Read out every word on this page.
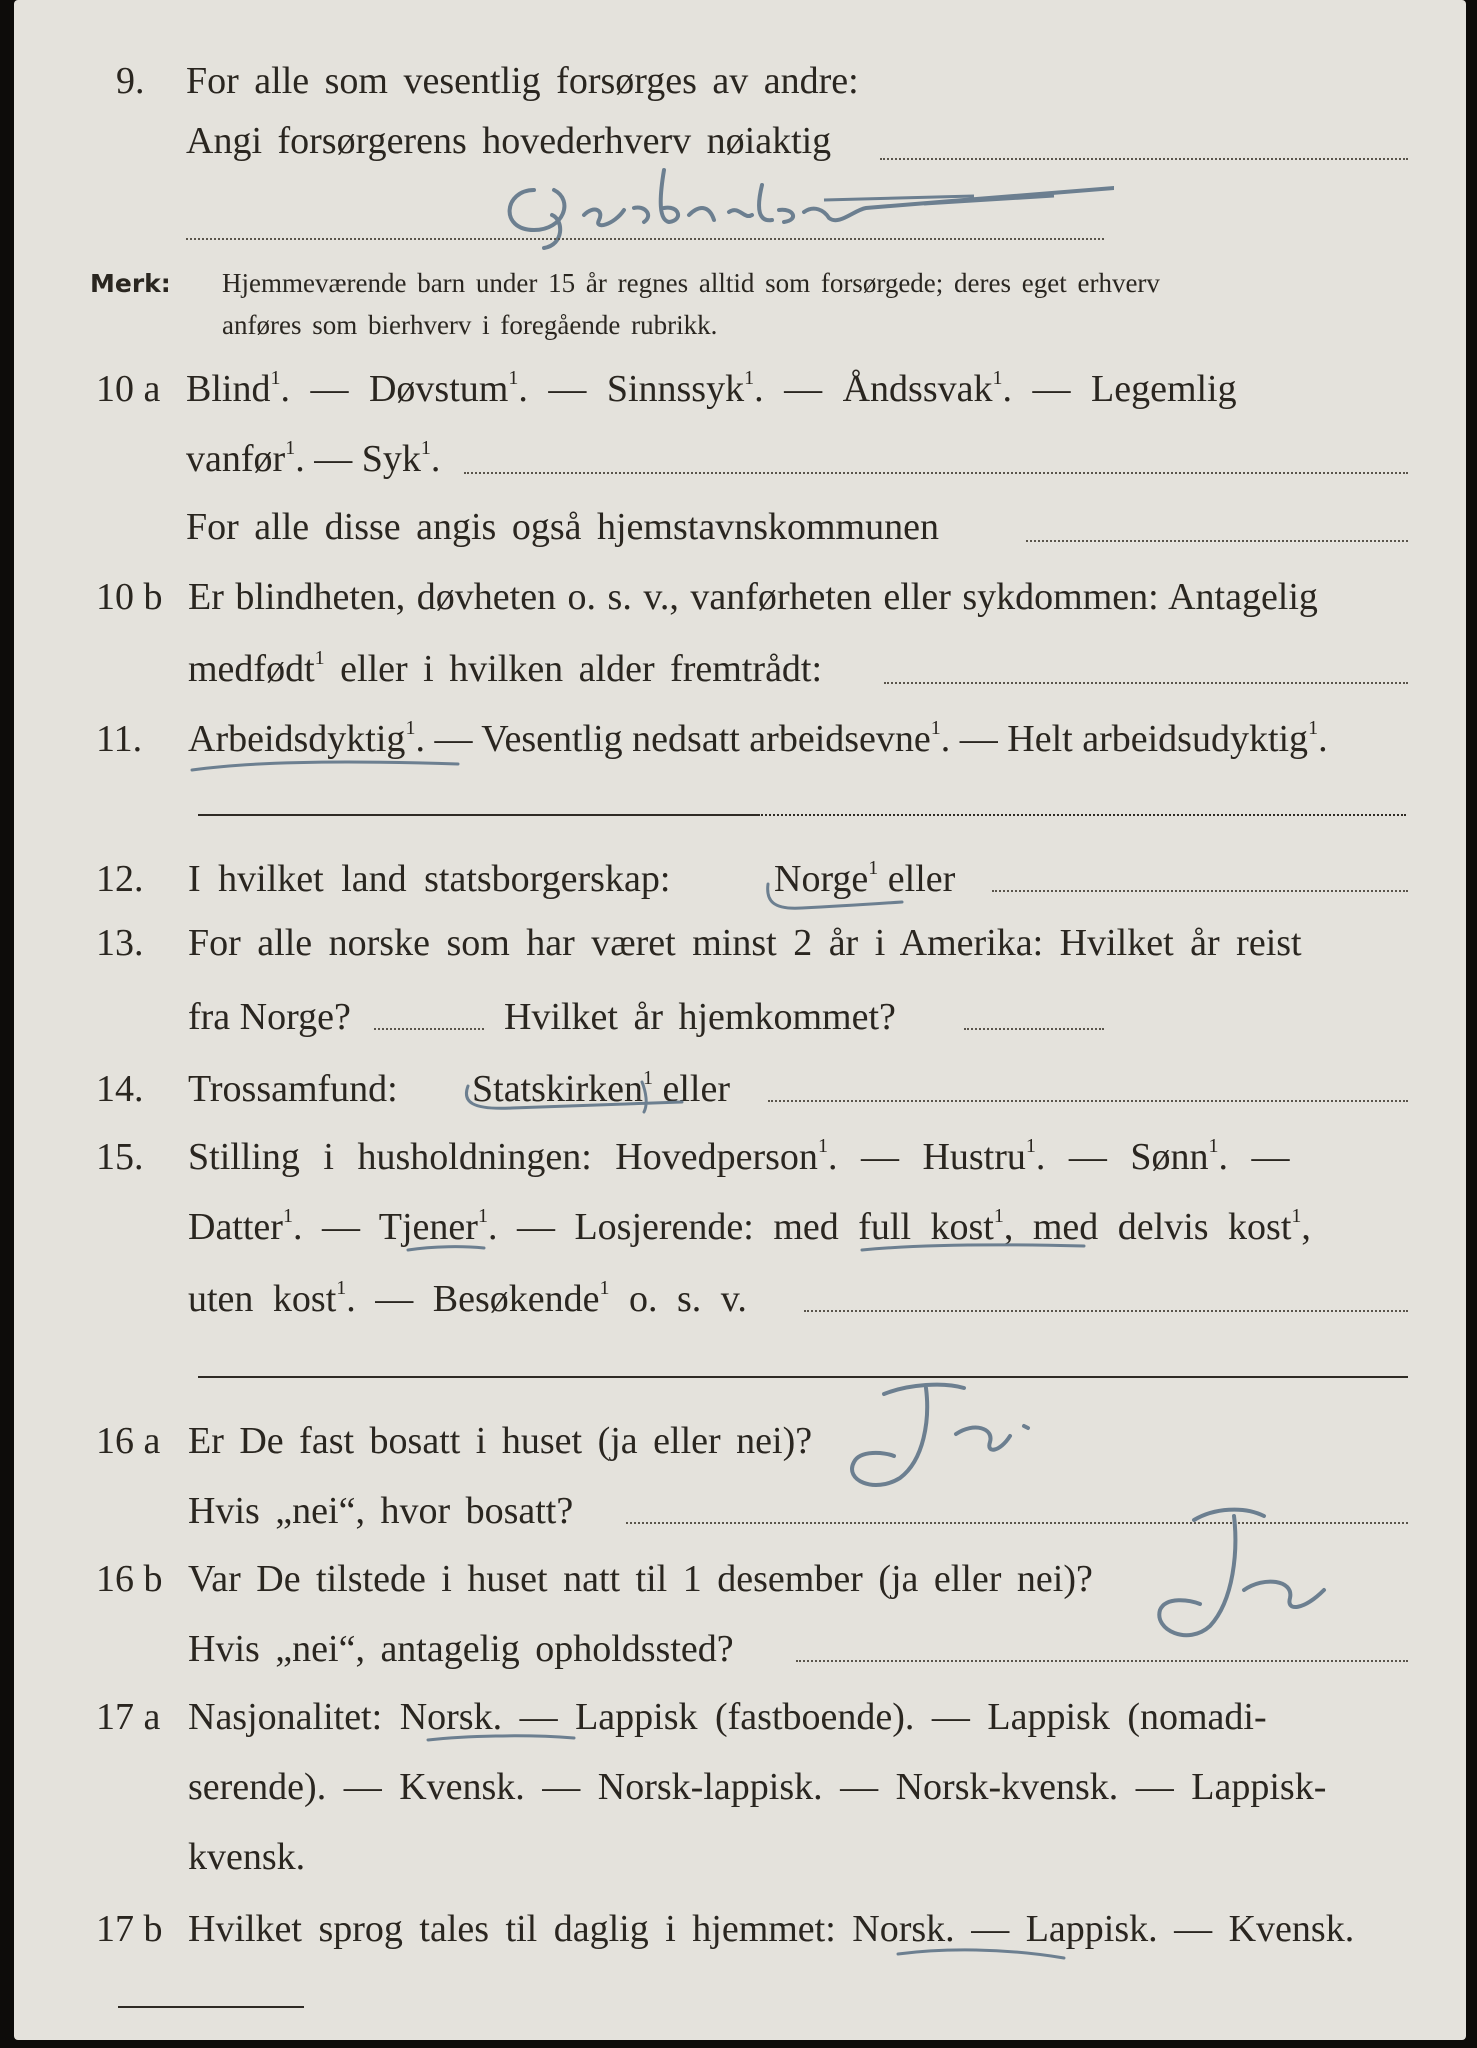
9. For alle som vesentlig forsørges av andre:
Angi forsørgerens hovederhverv nøiaktig
Merk: Hjemmeværende barn under 15 år regnes alltid som forsørgede; deres eget erhverv
anføres som bierhverv i foregående rubrikk.
10 a Blind$^1$. — Døvstum$^1$. — Sinnssyk$^1$. — Åndssvak$^1$. — Legemlig
vanfør$^1$. — Syk$^1$.
For alle disse angis også hjemstavnskommunen
10 b Er blindheten, døvheten o. s. v., vanførheten eller sykdommen: Antagelig
medfødt$^1$ eller i hvilken alder fremtrådt:
11. Arbeidsdyktig$^1$. — Vesentlig nedsatt arbeidsevne$^1$. — Helt arbeidsudyktig$^1$.
12. I hvilket land statsborgerskap:	Norge$^1$ eller
13. For alle norske som har været minst 2 år i Amerika: Hvilket år reist
fra Norge?	Hvilket år hjemkommet?
14. Trossamfund: Statskirken$^1$ eller
15. Stilling i husholdningen: Hovedperson$^1$. — Hustru$^1$. — Sønn$^1$. —
Datter$^1$. — Tjener$^1$. — Losjerende: med full kost$^1$, med delvis kost$^1$,
uten kost$^1$. — Besøkende$^1$ o. s. v.
16 a Er De fast bosatt i huset (ja eller nei)?
Hvis „nei“, hvor bosatt?
16 b Var De tilstede i huset natt til 1 desember (ja eller nei)?
Hvis „nei“, antagelig opholdssted?
17 a Nasjonalitet: Norsk. — Lappisk (fastboende). — Lappisk (nomadi-
serende). — Kvensk. — Norsk-lappisk. — Norsk-kvensk. — Lappisk-
kvensk.
17 b Hvilket sprog tales til daglig i hjemmet: Norsk. — Lappisk. — Kvensk.
